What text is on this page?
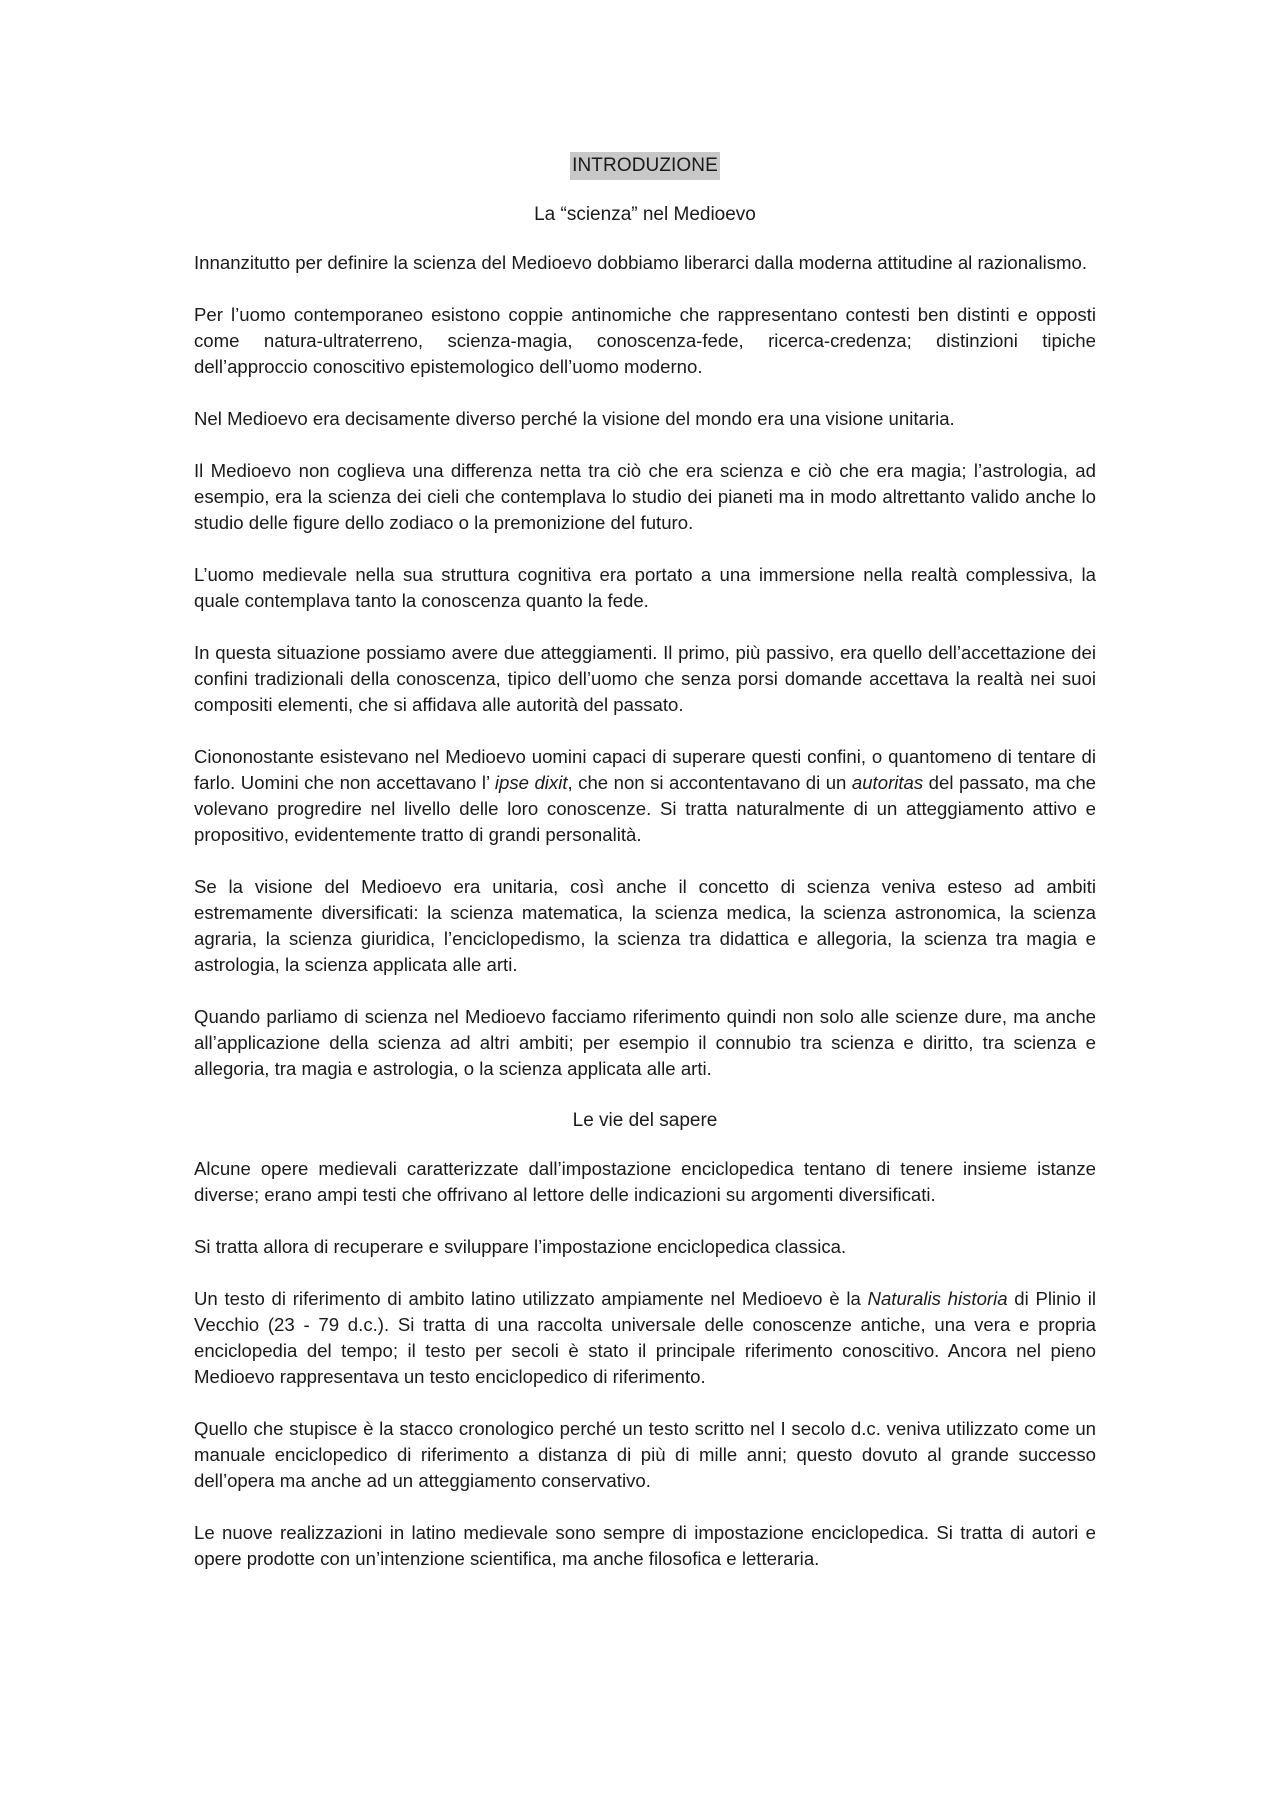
INTRODUZIONE
La “scienza” nel Medioevo

Innanzitutto per definire la scienza del Medioevo dobbiamo liberarci dalla moderna attitudine al razionalismo.

Per l’uomo contemporaneo esistono coppie antinomiche che rappresentano contesti ben distinti e opposti come natura-ultraterreno, scienza-magia, conoscenza-fede, ricerca-credenza; distinzioni tipiche dell’approccio conoscitivo epistemologico dell’uomo moderno.

Nel Medioevo era decisamente diverso perché la visione del mondo era una visione unitaria.

Il Medioevo non coglieva una differenza netta tra ciò che era scienza e ciò che era magia; l’astrologia, ad esempio, era la scienza dei cieli che contemplava lo studio dei pianeti ma in modo altrettanto valido anche lo studio delle figure dello zodiaco o la premonizione del futuro.

L’uomo medievale nella sua struttura cognitiva era portato a una immersione nella realtà complessiva, la quale contemplava tanto la conoscenza quanto la fede.

In questa situazione possiamo avere due atteggiamenti. Il primo, più passivo, era quello dell’accettazione dei confini tradizionali della conoscenza, tipico dell’uomo che senza porsi domande accettava la realtà nei suoi compositi elementi, che si affidava alle autorità del passato.

Ciononostante esistevano nel Medioevo uomini capaci di superare questi confini, o quantomeno di tentare di farlo. Uomini che non accettavano l’ ipse dixit, che non si accontentavano di un autoritas del passato, ma che volevano progredire nel livello delle loro conoscenze. Si tratta naturalmente di un atteggiamento attivo e propositivo, evidentemente tratto di grandi personalità.

Se la visione del Medioevo era unitaria, così anche il concetto di scienza veniva esteso ad ambiti estremamente diversificati: la scienza matematica, la scienza medica, la scienza astronomica, la scienza agraria, la scienza giuridica, l’enciclopedismo, la scienza tra didattica e allegoria, la scienza tra magia e astrologia, la scienza applicata alle arti.

Quando parliamo di scienza nel Medioevo facciamo riferimento quindi non solo alle scienze dure, ma anche all’applicazione della scienza ad altri ambiti; per esempio il connubio tra scienza e diritto, tra scienza e allegoria, tra magia e astrologia, o la scienza applicata alle arti.

Le vie del sapere

Alcune opere medievali caratterizzate dall’impostazione enciclopedica tentano di tenere insieme istanze diverse; erano ampi testi che offrivano al lettore delle indicazioni su argomenti diversificati.

Si tratta allora di recuperare e sviluppare l’impostazione enciclopedica classica.

Un testo di riferimento di ambito latino utilizzato ampiamente nel Medioevo è la Naturalis historia di Plinio il Vecchio (23 - 79 d.c.). Si tratta di una raccolta universale delle conoscenze antiche, una vera e propria enciclopedia del tempo; il testo per secoli è stato il principale riferimento conoscitivo. Ancora nel pieno Medioevo rappresentava un testo enciclopedico di riferimento.

Quello che stupisce è la stacco cronologico perché un testo scritto nel I secolo d.c. veniva utilizzato come un manuale enciclopedico di riferimento a distanza di più di mille anni; questo dovuto al grande successo dell’opera ma anche ad un atteggiamento conservativo.

Le nuove realizzazioni in latino medievale sono sempre di impostazione enciclopedica. Si tratta di autori e opere prodotte con un’intenzione scientifica, ma anche filosofica e letteraria.
